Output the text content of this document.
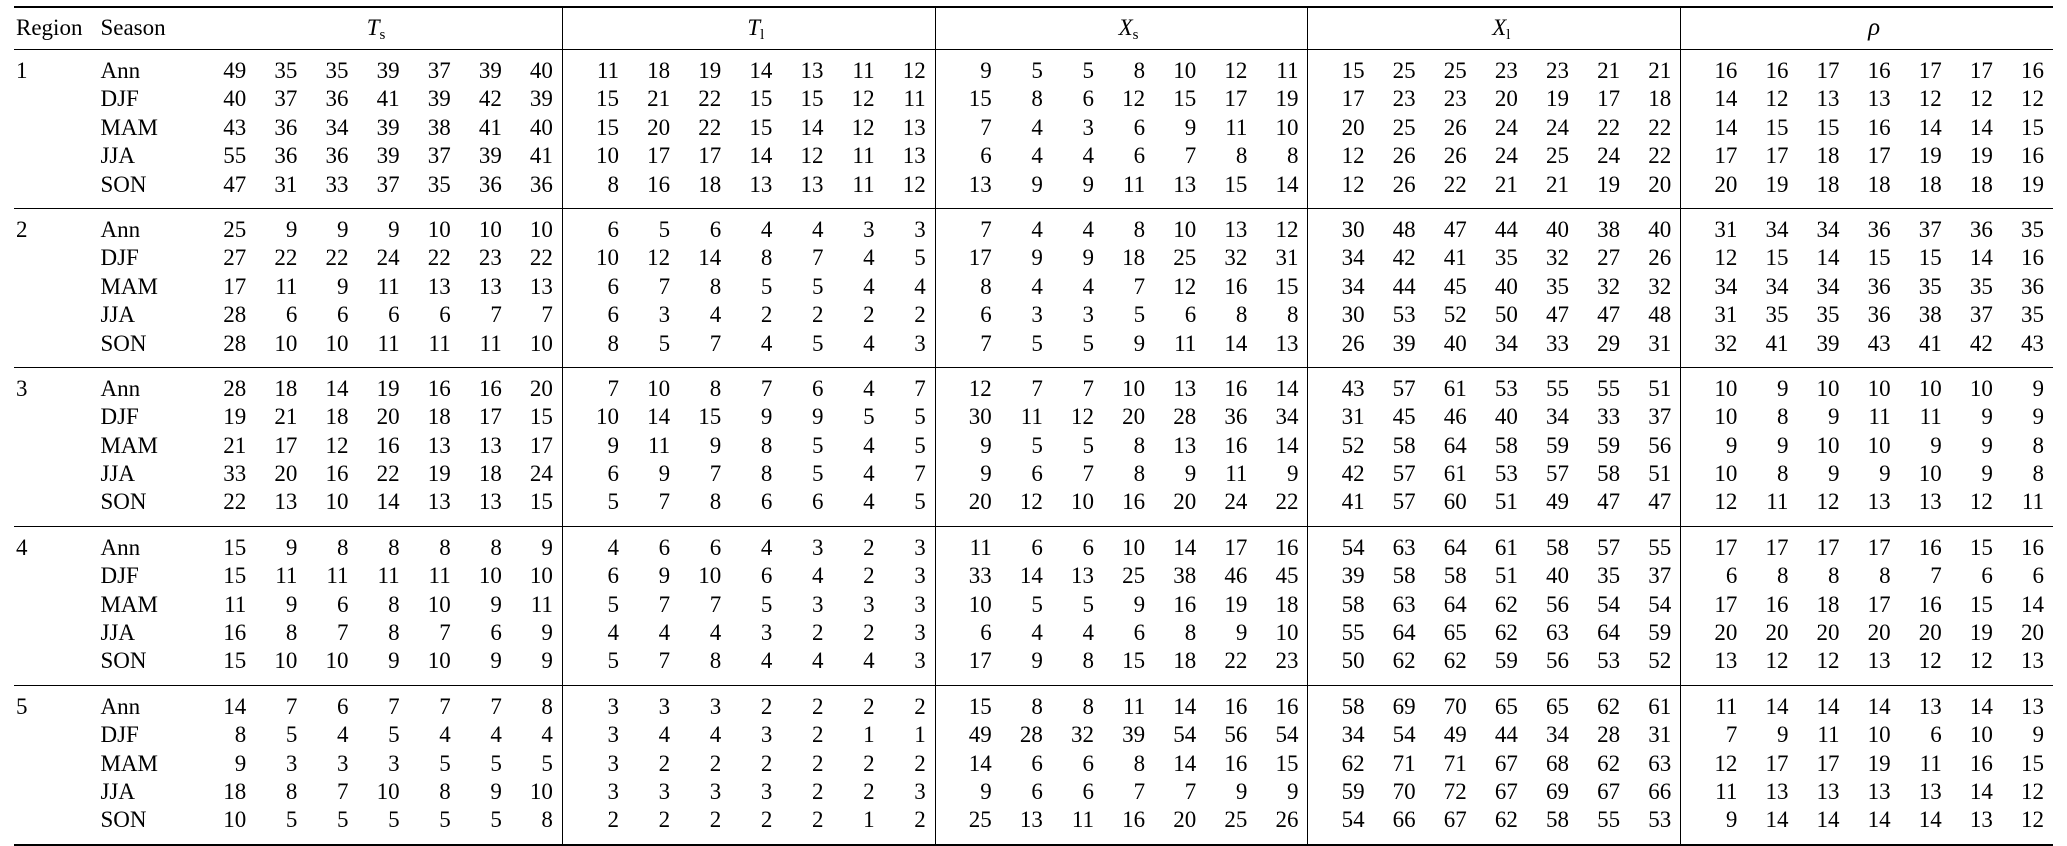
Region	Season	Ts							Tl							Xs							Xl							ρ						
1	Ann	49	35	35	39	37	39	40	11	18	19	14	13	11	12	9	5	5	8	10	12	11	15	25	25	23	23	21	21	16	16	17	16	17	17	16
	DJF	40	37	36	41	39	42	39	15	21	22	15	15	12	11	15	8	6	12	15	17	19	17	23	23	20	19	17	18	14	12	13	13	12	12	12
	MAM	43	36	34	39	38	41	40	15	20	22	15	14	12	13	7	4	3	6	9	11	10	20	25	26	24	24	22	22	14	15	15	16	14	14	15
	JJA	55	36	36	39	37	39	41	10	17	17	14	12	11	13	6	4	4	6	7	8	8	12	26	26	24	25	24	22	17	17	18	17	19	19	16
	SON	47	31	33	37	35	36	36	8	16	18	13	13	11	12	13	9	9	11	13	15	14	12	26	22	21	21	19	20	20	19	18	18	18	18	19
2	Ann	25	9	9	9	10	10	10	6	5	6	4	4	3	3	7	4	4	8	10	13	12	30	48	47	44	40	38	40	31	34	34	36	37	36	35
	DJF	27	22	22	24	22	23	22	10	12	14	8	7	4	5	17	9	9	18	25	32	31	34	42	41	35	32	27	26	12	15	14	15	15	14	16
	MAM	17	11	9	11	13	13	13	6	7	8	5	5	4	4	8	4	4	7	12	16	15	34	44	45	40	35	32	32	34	34	34	36	35	35	36
	JJA	28	6	6	6	6	7	7	6	3	4	2	2	2	2	6	3	3	5	6	8	8	30	53	52	50	47	47	48	31	35	35	36	38	37	35
	SON	28	10	10	11	11	11	10	8	5	7	4	5	4	3	7	5	5	9	11	14	13	26	39	40	34	33	29	31	32	41	39	43	41	42	43
3	Ann	28	18	14	19	16	16	20	7	10	8	7	6	4	7	12	7	7	10	13	16	14	43	57	61	53	55	55	51	10	9	10	10	10	10	9
	DJF	19	21	18	20	18	17	15	10	14	15	9	9	5	5	30	11	12	20	28	36	34	31	45	46	40	34	33	37	10	8	9	11	11	9	9
	MAM	21	17	12	16	13	13	17	9	11	9	8	5	4	5	9	5	5	8	13	16	14	52	58	64	58	59	59	56	9	9	10	10	9	9	8
	JJA	33	20	16	22	19	18	24	6	9	7	8	5	4	7	9	6	7	8	9	11	9	42	57	61	53	57	58	51	10	8	9	9	10	9	8
	SON	22	13	10	14	13	13	15	5	7	8	6	6	4	5	20	12	10	16	20	24	22	41	57	60	51	49	47	47	12	11	12	13	13	12	11
4	Ann	15	9	8	8	8	8	9	4	6	6	4	3	2	3	11	6	6	10	14	17	16	54	63	64	61	58	57	55	17	17	17	17	16	15	16
	DJF	15	11	11	11	11	10	10	6	9	10	6	4	2	3	33	14	13	25	38	46	45	39	58	58	51	40	35	37	6	8	8	8	7	6	6
	MAM	11	9	6	8	10	9	11	5	7	7	5	3	3	3	10	5	5	9	16	19	18	58	63	64	62	56	54	54	17	16	18	17	16	15	14
	JJA	16	8	7	8	7	6	9	4	4	4	3	2	2	3	6	4	4	6	8	9	10	55	64	65	62	63	64	59	20	20	20	20	20	19	20
	SON	15	10	10	9	10	9	9	5	7	8	4	4	4	3	17	9	8	15	18	22	23	50	62	62	59	56	53	52	13	12	12	13	12	12	13
5	Ann	14	7	6	7	7	7	8	3	3	3	2	2	2	2	15	8	8	11	14	16	16	58	69	70	65	65	62	61	11	14	14	14	13	14	13
	DJF	8	5	4	5	4	4	4	3	4	4	3	2	1	1	49	28	32	39	54	56	54	34	54	49	44	34	28	31	7	9	11	10	6	10	9
	MAM	9	3	3	3	5	5	5	3	2	2	2	2	2	2	14	6	6	8	14	16	15	62	71	71	67	68	62	63	12	17	17	19	11	16	15
	JJA	18	8	7	10	8	9	10	3	3	3	3	2	2	3	9	6	6	7	7	9	9	59	70	72	67	69	67	66	11	13	13	13	13	14	12
	SON	10	5	5	5	5	5	8	2	2	2	2	2	1	2	25	13	11	16	20	25	26	54	66	67	62	58	55	53	9	14	14	14	14	13	12
